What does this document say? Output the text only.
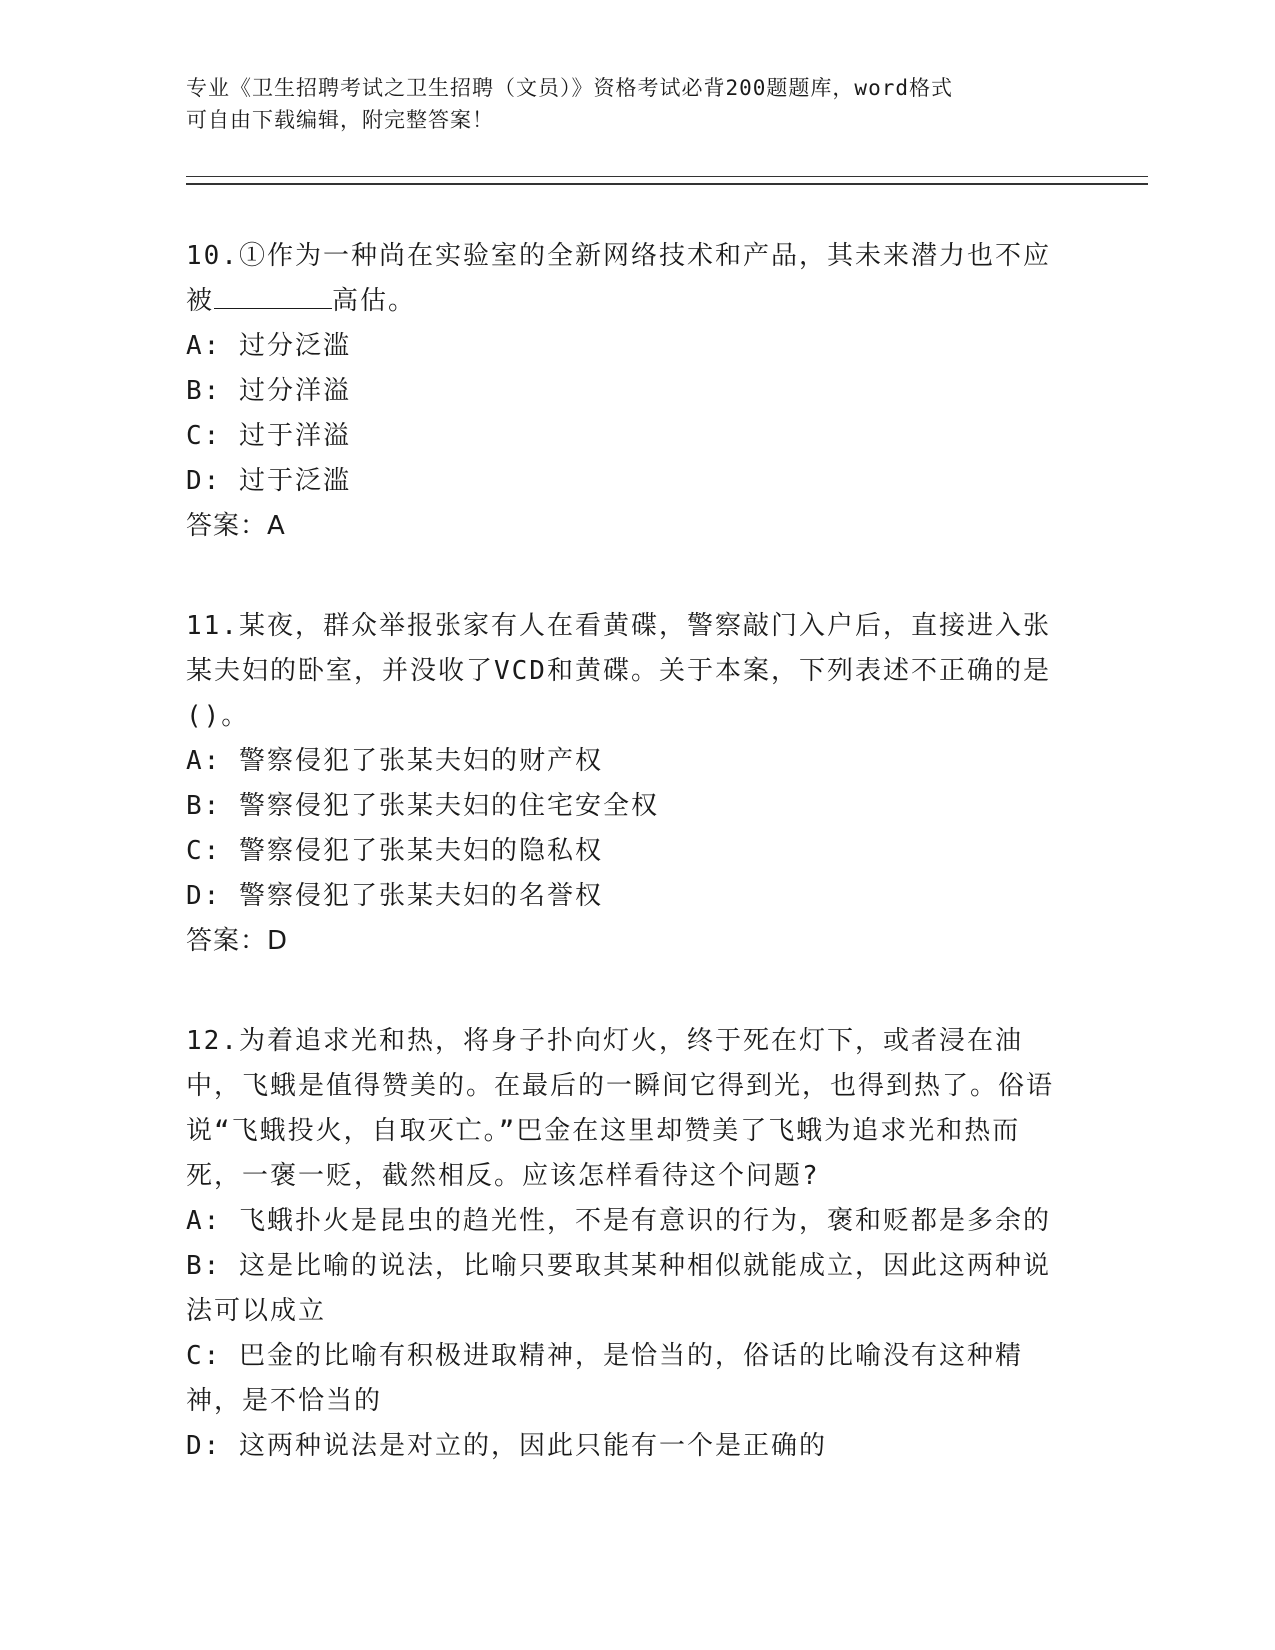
专业《卫生招聘考试之卫生招聘（文员）》资格考试必背200题题库，word格式
可自由下载编辑，附完整答案！

10.①作为一种尚在实验室的全新网络技术和产品，其未来潜力也不应被	高估。

A: 过分泛滥

B: 过分洋溢

C: 过于洋溢

D: 过于泛滥

答案：A

11.某夜，群众举报张家有人在看黄碟，警察敲门入户后，直接进入张某夫妇的卧室，并没收了VCD和黄碟。关于本案，下列表述不正确的是()。

A: 警察侵犯了张某夫妇的财产权

B: 警察侵犯了张某夫妇的住宅安全权

C: 警察侵犯了张某夫妇的隐私权

D: 警察侵犯了张某夫妇的名誉权

答案：D

12.为着追求光和热，将身子扑向灯火，终于死在灯下，或者浸在油中，飞蛾是值得赞美的。在最后的一瞬间它得到光，也得到热了。俗语说“飞蛾投火，自取灭亡。”巴金在这里却赞美了飞蛾为追求光和热而死，一褒一贬，截然相反。应该怎样看待这个问题?

A: 飞蛾扑火是昆虫的趋光性，不是有意识的行为，褒和贬都是多余的

B: 这是比喻的说法，比喻只要取其某种相似就能成立，因此这两种说法可以成立

C: 巴金的比喻有积极进取精神，是恰当的，俗话的比喻没有这种精神，是不恰当的

D: 这两种说法是对立的，因此只能有一个是正确的
